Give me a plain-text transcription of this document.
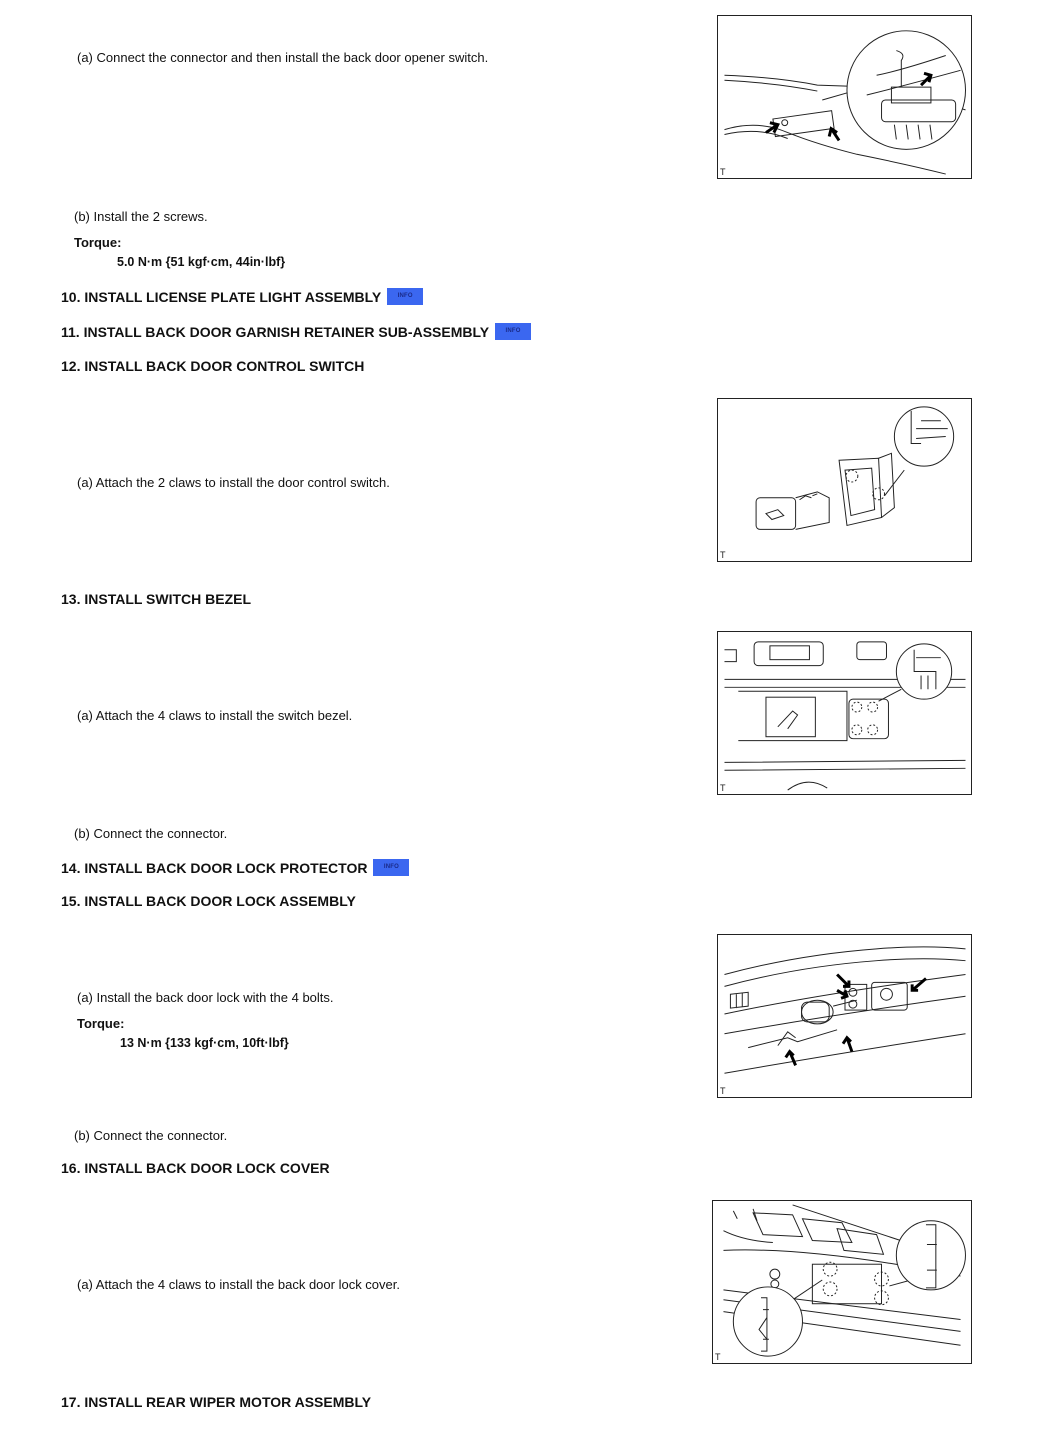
(a) Connect the connector and then install the back door opener switch.
T
(b) Install the 2 screws.
Torque:
5.0 N·m {51 kgf·cm, 44in·lbf}
10. INSTALL LICENSE PLATE LIGHT ASSEMBLY	INFO
11. INSTALL BACK DOOR GARNISH RETAINER SUB-ASSEMBLY	INFO
12. INSTALL BACK DOOR CONTROL SWITCH
(a) Attach the 2 claws to install the door control switch.
T
13. INSTALL SWITCH BEZEL
(a) Attach the 4 claws to install the switch bezel.
T
(b) Connect the connector.
14. INSTALL BACK DOOR LOCK PROTECTOR	INFO
15. INSTALL BACK DOOR LOCK ASSEMBLY
(a) Install the back door lock with the 4 bolts.
Torque:
13 N·m {133 kgf·cm, 10ft·lbf}
T
(b) Connect the connector.
16. INSTALL BACK DOOR LOCK COVER
(a) Attach the 4 claws to install the back door lock cover.
T
17. INSTALL REAR WIPER MOTOR ASSEMBLY
